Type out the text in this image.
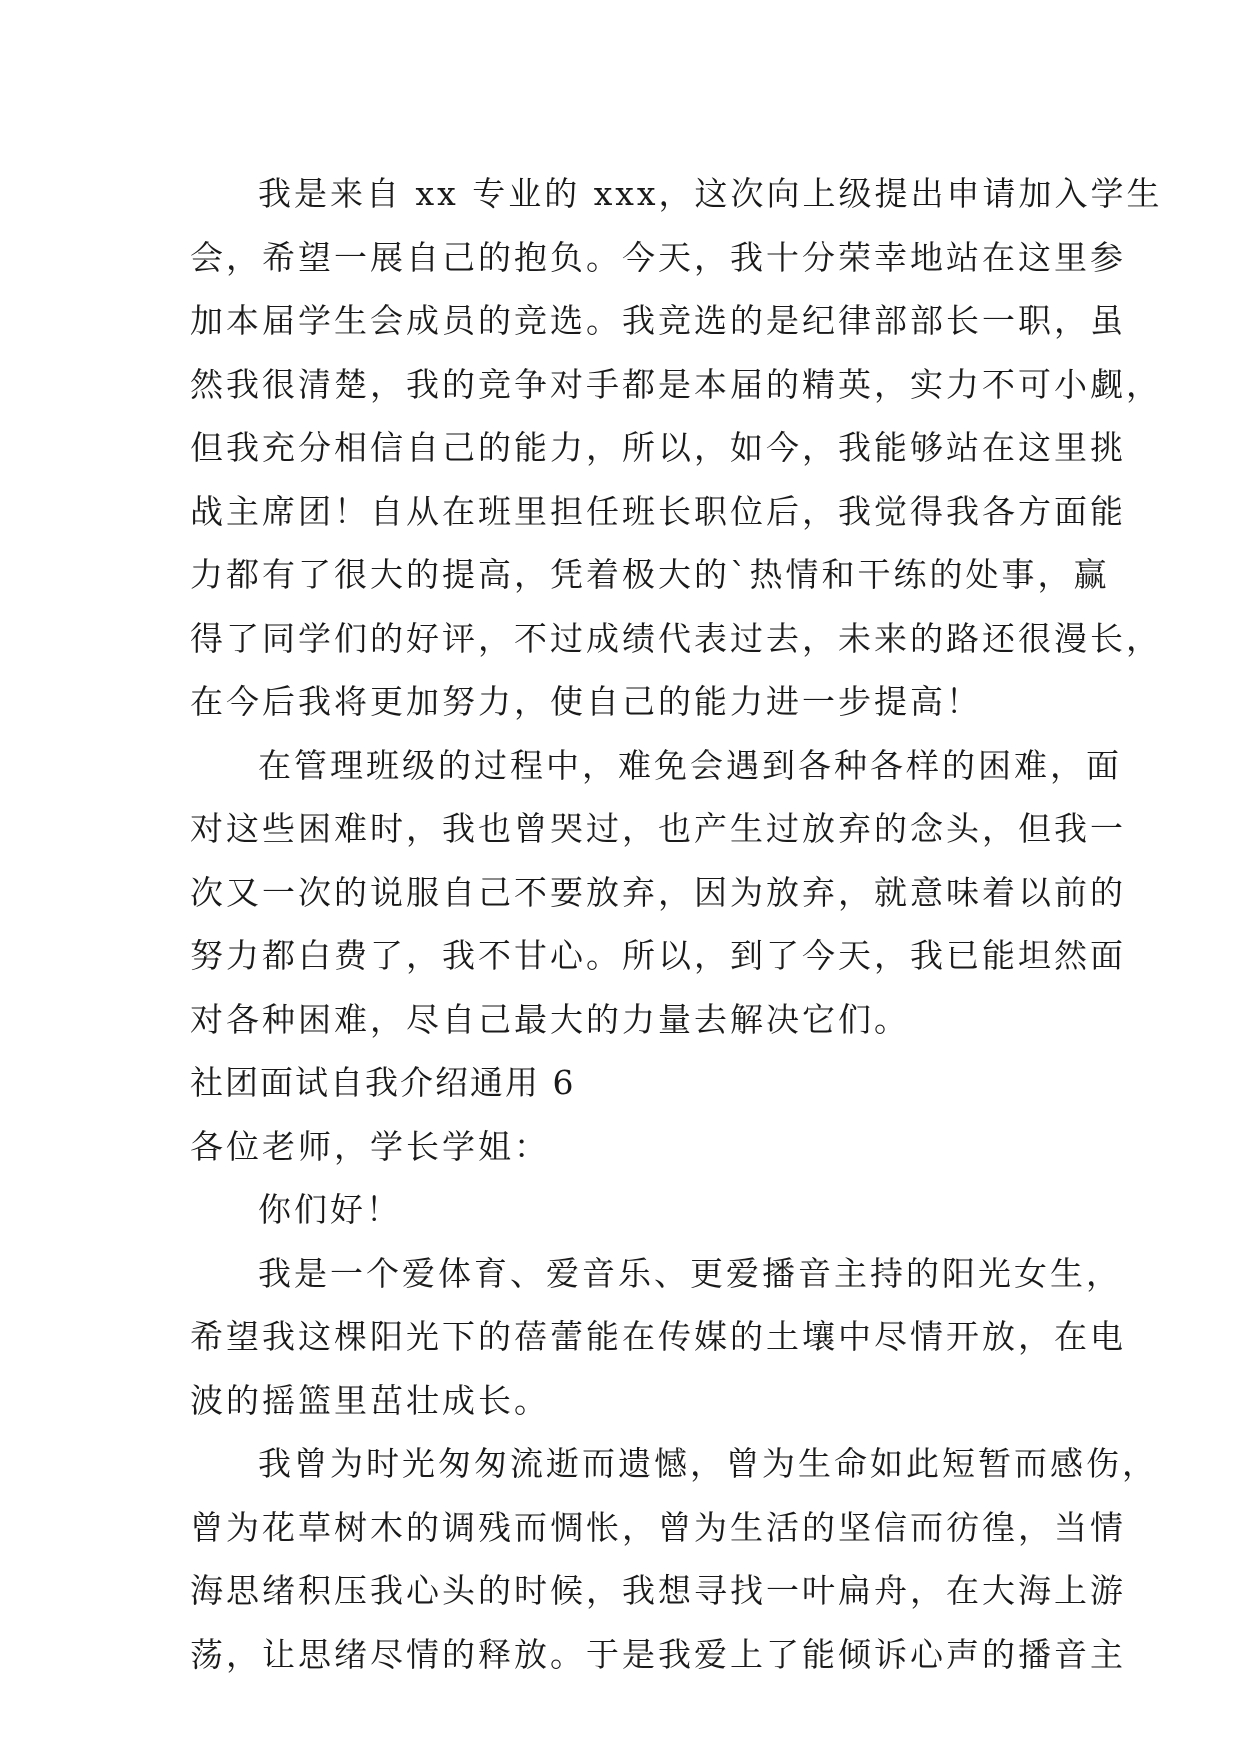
我是来自 xx 专业的 xxx，这次向上级提出申请加入学生
会，希望一展自己的抱负。今天，我十分荣幸地站在这里参
加本届学生会成员的竞选。我竞选的是纪律部部长一职，虽
然我很清楚，我的竞争对手都是本届的精英，实力不可小觑，
但我充分相信自己的能力，所以，如今，我能够站在这里挑
战主席团！自从在班里担任班长职位后，我觉得我各方面能
力都有了很大的提高，凭着极大的`热情和干练的处事，赢
得了同学们的好评，不过成绩代表过去，未来的路还很漫长，
在今后我将更加努力，使自己的能力进一步提高！
在管理班级的过程中，难免会遇到各种各样的困难，面
对这些困难时，我也曾哭过，也产生过放弃的念头，但我一
次又一次的说服自己不要放弃，因为放弃，就意味着以前的
努力都白费了，我不甘心。所以，到了今天，我已能坦然面
对各种困难，尽自己最大的力量去解决它们。
社团面试自我介绍通用 6
各位老师，学长学姐：
你们好！
我是一个爱体育、爱音乐、更爱播音主持的阳光女生，
希望我这棵阳光下的蓓蕾能在传媒的土壤中尽情开放，在电
波的摇篮里茁壮成长。
我曾为时光匆匆流逝而遗憾，曾为生命如此短暂而感伤，
曾为花草树木的调残而惆怅，曾为生活的坚信而彷徨，当情
海思绪积压我心头的时候，我想寻找一叶扁舟，在大海上游
荡，让思绪尽情的释放。于是我爱上了能倾诉心声的播音主
